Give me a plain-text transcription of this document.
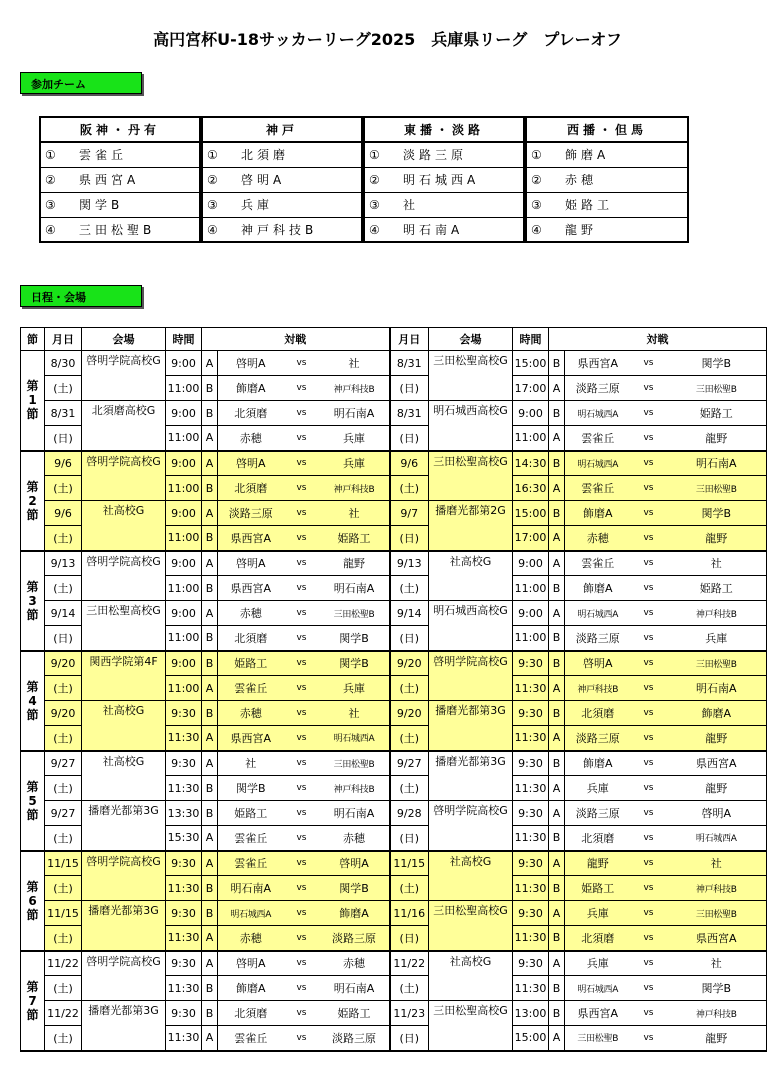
高円宮杯U-18サッカーリーグ2025　兵庫県リーグ　プレーオフ
参加チーム
阪神・丹有		神戸		東播・淡路		西播・但馬
① 雲雀丘		① 北須磨		① 淡路三原		① 飾磨A
② 県西宮A		② 啓明A		② 明石城西A		② 赤穂
③ 関学B		③ 兵庫		③ 社		③ 姫路工
④ 三田松聖B		④ 神戸科技B		④ 明石南A		④ 龍野
日程・会場
節	月日	会場	時間	対戦				月日	会場	時間	対戦			

第1節	8/30	啓明学院高校G	9:00	A	啓明A	vs	社	8/31	三田松聖高校G	15:00	B	県西宮A	vs	関学B
	(土)		11:00	B	飾磨A	vs	神戸科技B	(日)		17:00	A	淡路三原	vs	三田松聖B
	8/31	北須磨高校G	9:00	B	北須磨	vs	明石南A	8/31	明石城西高校G	9:00	B	明石城西A	vs	姫路工
	(日)		11:00	A	赤穂	vs	兵庫	(日)		11:00	A	雲雀丘	vs	龍野

第2節	9/6	啓明学院高校G	9:00	A	啓明A	vs	兵庫	9/6	三田松聖高校G	14:30	B	明石城西A	vs	明石南A
	(土)		11:00	B	北須磨	vs	神戸科技B	(土)		16:30	A	雲雀丘	vs	三田松聖B
	9/6	社高校G	9:00	A	淡路三原	vs	社	9/7	播磨光都第2G	15:00	B	飾磨A	vs	関学B
	(土)		11:00	B	県西宮A	vs	姫路工	(日)		17:00	A	赤穂	vs	龍野

第3節	9/13	啓明学院高校G	9:00	A	啓明A	vs	龍野	9/13	社高校G	9:00	A	雲雀丘	vs	社
	(土)		11:00	B	県西宮A	vs	明石南A	(土)		11:00	B	飾磨A	vs	姫路工
	9/14	三田松聖高校G	9:00	A	赤穂	vs	三田松聖B	9/14	明石城西高校G	9:00	A	明石城西A	vs	神戸科技B
	(日)		11:00	B	北須磨	vs	関学B	(日)		11:00	B	淡路三原	vs	兵庫

第4節	9/20	関西学院第4F	9:00	B	姫路工	vs	関学B	9/20	啓明学院高校G	9:30	B	啓明A	vs	三田松聖B
	(土)		11:00	A	雲雀丘	vs	兵庫	(土)		11:30	A	神戸科技B	vs	明石南A
	9/20	社高校G	9:30	B	赤穂	vs	社	9/20	播磨光都第3G	9:30	B	北須磨	vs	飾磨A
	(土)		11:30	A	県西宮A	vs	明石城西A	(土)		11:30	A	淡路三原	vs	龍野

第5節	9/27	社高校G	9:30	A	社	vs	三田松聖B	9/27	播磨光都第3G	9:30	B	飾磨A	vs	県西宮A
	(土)		11:30	B	関学B	vs	神戸科技B	(土)		11:30	A	兵庫	vs	龍野
	9/27	播磨光都第3G	13:30	B	姫路工	vs	明石南A	9/28	啓明学院高校G	9:30	A	淡路三原	vs	啓明A
	(土)		15:30	A	雲雀丘	vs	赤穂	(日)		11:30	B	北須磨	vs	明石城西A

第6節	11/15	啓明学院高校G	9:30	A	雲雀丘	vs	啓明A	11/15	社高校G	9:30	A	龍野	vs	社
	(土)		11:30	B	明石南A	vs	関学B	(土)		11:30	B	姫路工	vs	神戸科技B
	11/15	播磨光都第3G	9:30	B	明石城西A	vs	飾磨A	11/16	三田松聖高校G	9:30	A	兵庫	vs	三田松聖B
	(土)		11:30	A	赤穂	vs	淡路三原	(日)		11:30	B	北須磨	vs	県西宮A

第7節	11/22	啓明学院高校G	9:30	A	啓明A	vs	赤穂	11/22	社高校G	9:30	A	兵庫	vs	社
	(土)		11:30	B	飾磨A	vs	明石南A	(土)		11:30	B	明石城西A	vs	関学B
	11/22	播磨光都第3G	9:30	B	北須磨	vs	姫路工	11/23	三田松聖高校G	13:00	B	県西宮A	vs	神戸科技B
	(土)		11:30	A	雲雀丘	vs	淡路三原	(日)		15:00	A	三田松聖B	vs	龍野
